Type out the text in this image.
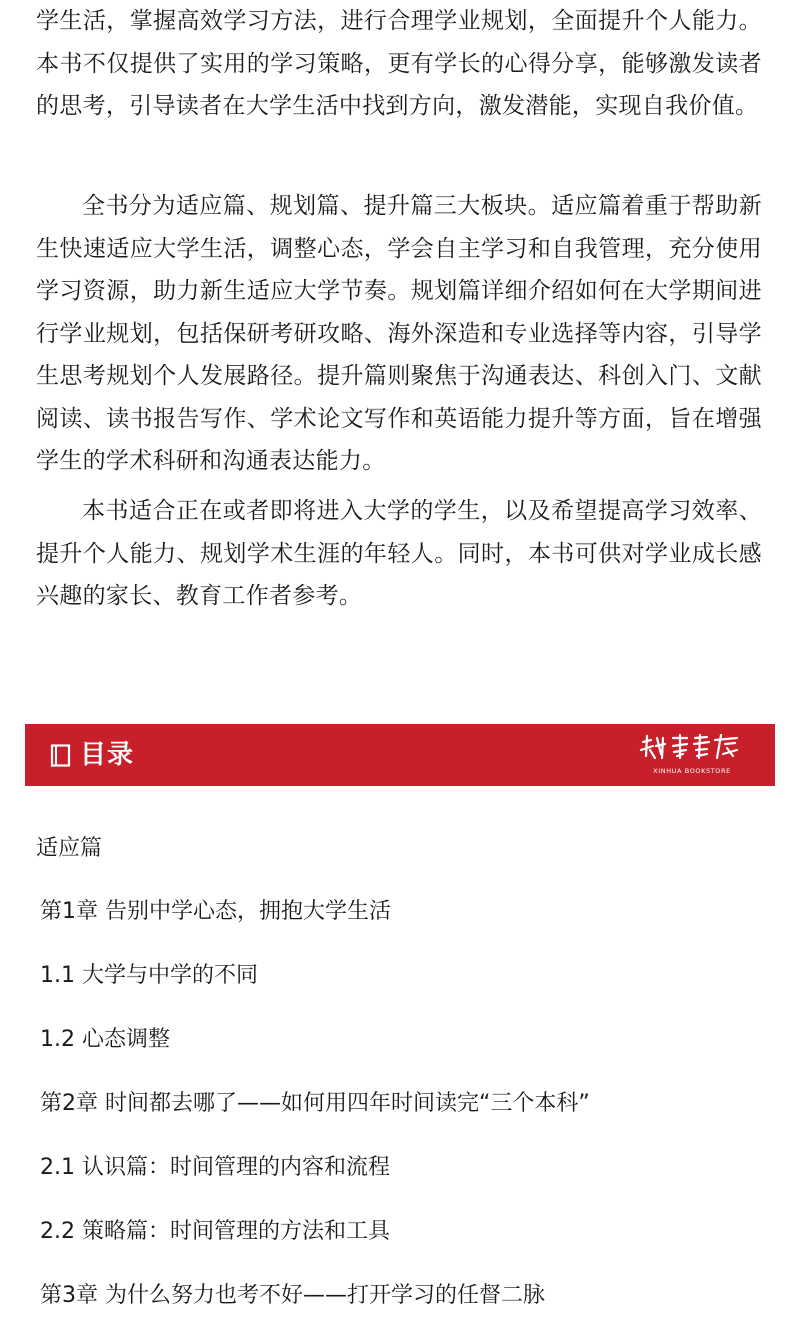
学生活，掌握高效学习方法，进行合理学业规划，全面提升个人能力。本书不仅提供了实用的学习策略，更有学长的心得分享，能够激发读者的思考，引导读者在大学生活中找到方向，激发潜能，实现自我价值。

全书分为适应篇、规划篇、提升篇三大板块。适应篇着重于帮助新生快速适应大学生活，调整心态，学会自主学习和自我管理，充分使用学习资源，助力新生适应大学节奏。规划篇详细介绍如何在大学期间进行学业规划，包括保研考研攻略、海外深造和专业选择等内容，引导学生思考规划个人发展路径。提升篇则聚焦于沟通表达、科创入门、文献阅读、读书报告写作、学术论文写作和英语能力提升等方面，旨在增强学生的学术科研和沟通表达能力。

本书适合正在或者即将进入大学的学生，以及希望提高学习效率、提升个人能力、规划学术生涯的年轻人。同时，本书可供对学业成长感兴趣的家长、教育工作者参考。

目录
XINHUA BOOKSTORE
适应篇
第1章 告别中学心态，拥抱大学生活
1.1 大学与中学的不同
1.2 心态调整
第2章 时间都去哪了——如何用四年时间读完“三个本科”
2.1 认识篇：时间管理的内容和流程
2.2 策略篇：时间管理的方法和工具
第3章 为什么努力也考不好——打开学习的任督二脉
